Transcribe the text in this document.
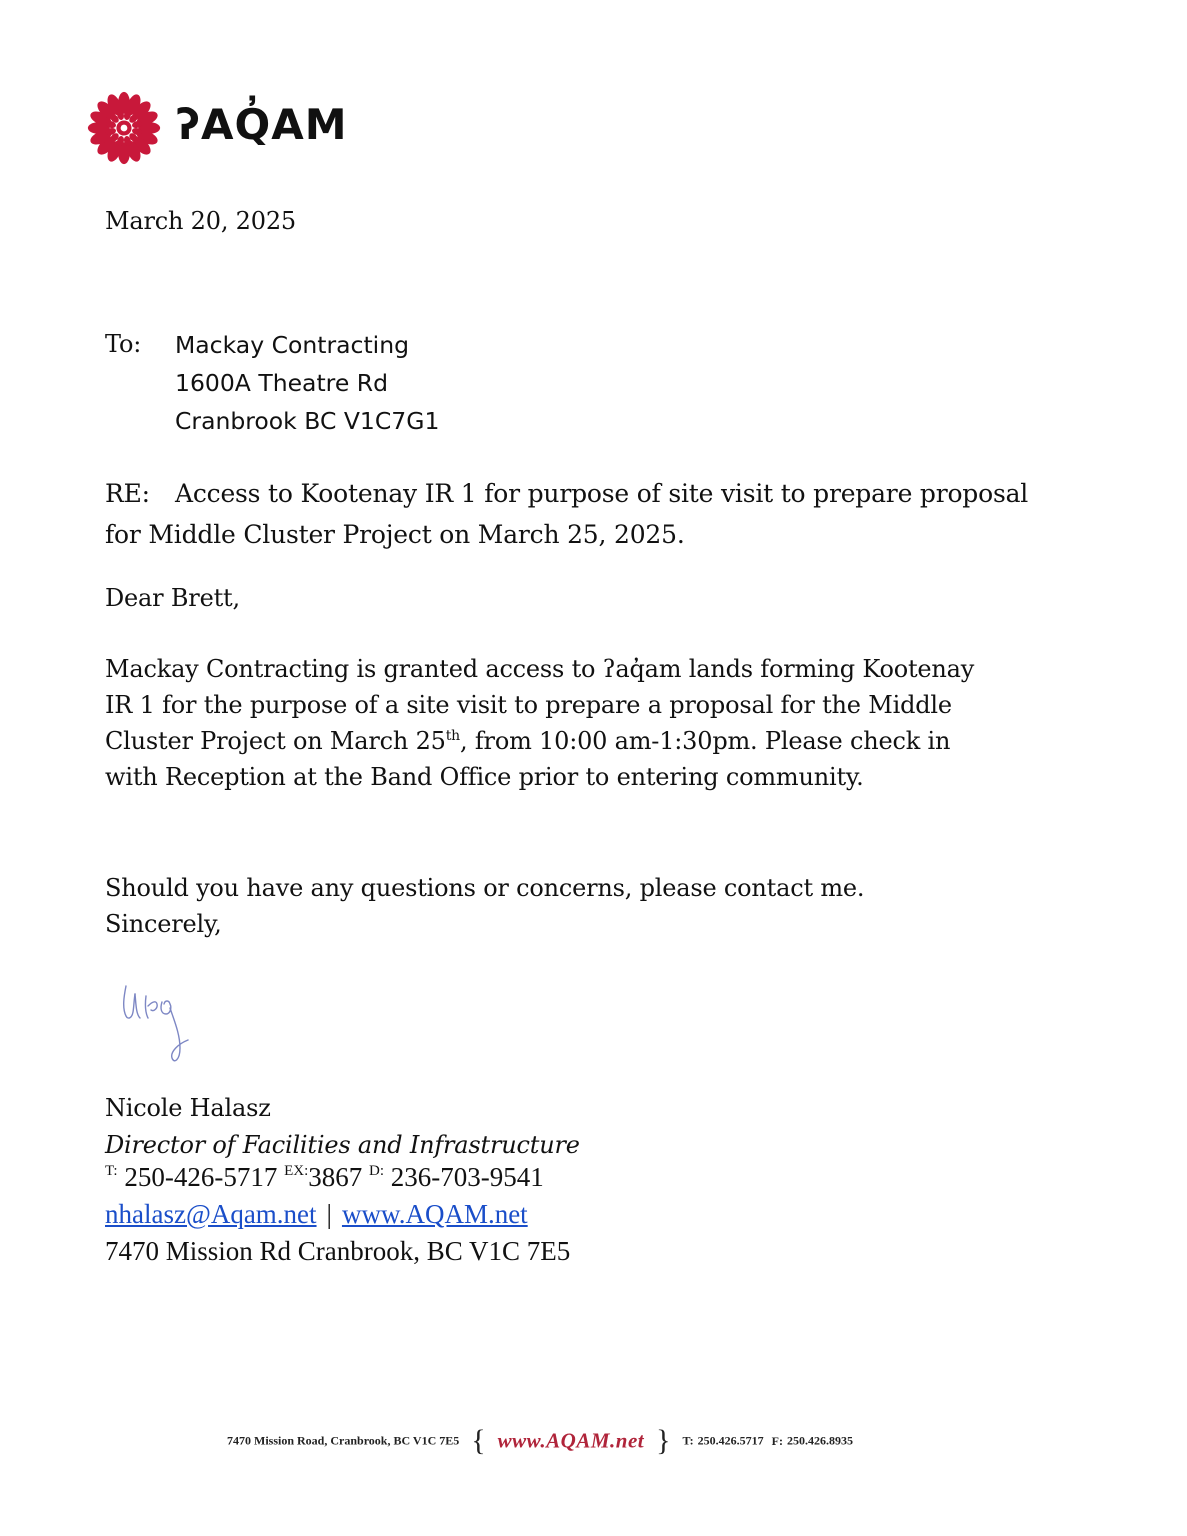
ʔAQ̓AM
March 20, 2025
To: Mackay Contracting
1600A Theatre Rd
Cranbrook BC V1C7G1
RE: Access to Kootenay IR 1 for purpose of site visit to prepare proposal
for Middle Cluster Project on March 25, 2025.
Dear Brett,
Mackay Contracting is granted access to ʔaq̓am lands forming Kootenay
IR 1 for the purpose of a site visit to prepare a proposal for the Middle
Cluster Project on March 25th, from 10:00 am-1:30pm. Please check in
with Reception at the Band Office prior to entering community.
Should you have any questions or concerns, please contact me.
Sincerely,
Nicole Halasz
Director of Facilities and Infrastructure
$^{T:}$ 250-426-5717 $^{EX:}$3867 $^{D:}$ 236-703-9541
nhalasz@Aqam.net | www.AQAM.net
7470 Mission Rd Cranbrook, BC V1C 7E5
7470 Mission Road, Cranbrook, BC V1C 7E5 { www.AQAM.net } T: 250.426.5717 F: 250.426.8935
